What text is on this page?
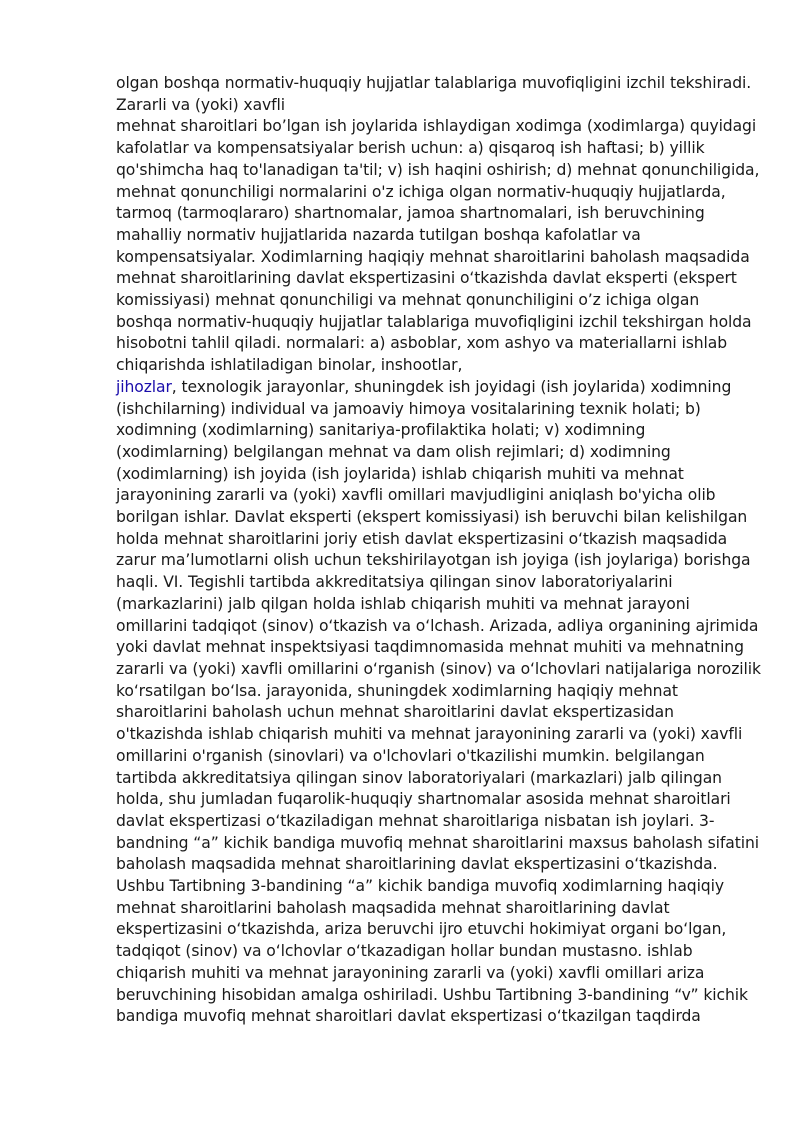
olgan boshqa normativ-huquqiy hujjatlar talablariga muvofiqligini izchil tekshiradi.
Zararli va (yoki) xavfli
mehnat sharoitlari bo’lgan ish joylarida ishlaydigan xodimga (xodimlarga) quyidagi
kafolatlar va kompensatsiyalar berish uchun: a) qisqaroq ish haftasi; b) yillik
qo'shimcha haq to'lanadigan ta'til; v) ish haqini oshirish; d) mehnat qonunchiligida,
mehnat qonunchiligi normalarini o'z ichiga olgan normativ-huquqiy hujjatlarda,
tarmoq (tarmoqlararo) shartnomalar, jamoa shartnomalari, ish beruvchining
mahalliy normativ hujjatlarida nazarda tutilgan boshqa kafolatlar va
kompensatsiyalar. Xodimlarning haqiqiy mehnat sharoitlarini baholash maqsadida
mehnat sharoitlarining davlat ekspertizasini o‘tkazishda davlat eksperti (ekspert
komissiyasi) mehnat qonunchiligi va mehnat qonunchiligini o’z ichiga olgan
boshqa normativ-huquqiy hujjatlar talablariga muvofiqligini izchil tekshirgan holda
hisobotni tahlil qiladi. normalari: a) asboblar, xom ashyo va materiallarni ishlab
chiqarishda ishlatiladigan binolar, inshootlar,
jihozlar, texnologik jarayonlar, shuningdek ish joyidagi (ish joylarida) xodimning
(ishchilarning) individual va jamoaviy himoya vositalarining texnik holati; b)
xodimning (xodimlarning) sanitariya-profilaktika holati; v) xodimning
(xodimlarning) belgilangan mehnat va dam olish rejimlari; d) xodimning
(xodimlarning) ish joyida (ish joylarida) ishlab chiqarish muhiti va mehnat
jarayonining zararli va (yoki) xavfli omillari mavjudligini aniqlash bo'yicha olib
borilgan ishlar. Davlat eksperti (ekspert komissiyasi) ish beruvchi bilan kelishilgan
holda mehnat sharoitlarini joriy etish davlat ekspertizasini o‘tkazish maqsadida
zarur ma’lumotlarni olish uchun tekshirilayotgan ish joyiga (ish joylariga) borishga
haqli. VI. Tegishli tartibda akkreditatsiya qilingan sinov laboratoriyalarini
(markazlarini) jalb qilgan holda ishlab chiqarish muhiti va mehnat jarayoni
omillarini tadqiqot (sinov) o‘tkazish va o‘lchash. Arizada, adliya organining ajrimida
yoki davlat mehnat inspektsiyasi taqdimnomasida mehnat muhiti va mehnatning
zararli va (yoki) xavfli omillarini o‘rganish (sinov) va o‘lchovlari natijalariga norozilik
ko‘rsatilgan bo‘lsa. jarayonida, shuningdek xodimlarning haqiqiy mehnat
sharoitlarini baholash uchun mehnat sharoitlarini davlat ekspertizasidan
o'tkazishda ishlab chiqarish muhiti va mehnat jarayonining zararli va (yoki) xavfli
omillarini o'rganish (sinovlari) va o'lchovlari o'tkazilishi mumkin. belgilangan
tartibda akkreditatsiya qilingan sinov laboratoriyalari (markazlari) jalb qilingan
holda, shu jumladan fuqarolik-huquqiy shartnomalar asosida mehnat sharoitlari
davlat ekspertizasi o‘tkaziladigan mehnat sharoitlariga nisbatan ish joylari. 3-
bandning “a” kichik bandiga muvofiq mehnat sharoitlarini maxsus baholash sifatini
baholash maqsadida mehnat sharoitlarining davlat ekspertizasini o‘tkazishda.
Ushbu Tartibning 3-bandining “a” kichik bandiga muvofiq xodimlarning haqiqiy
mehnat sharoitlarini baholash maqsadida mehnat sharoitlarining davlat
ekspertizasini o‘tkazishda, ariza beruvchi ijro etuvchi hokimiyat organi bo‘lgan,
tadqiqot (sinov) va o‘lchovlar o‘tkazadigan hollar bundan mustasno. ishlab
chiqarish muhiti va mehnat jarayonining zararli va (yoki) xavfli omillari ariza
beruvchining hisobidan amalga oshiriladi. Ushbu Tartibning 3-bandining “v” kichik
bandiga muvofiq mehnat sharoitlari davlat ekspertizasi o‘tkazilgan taqdirda
